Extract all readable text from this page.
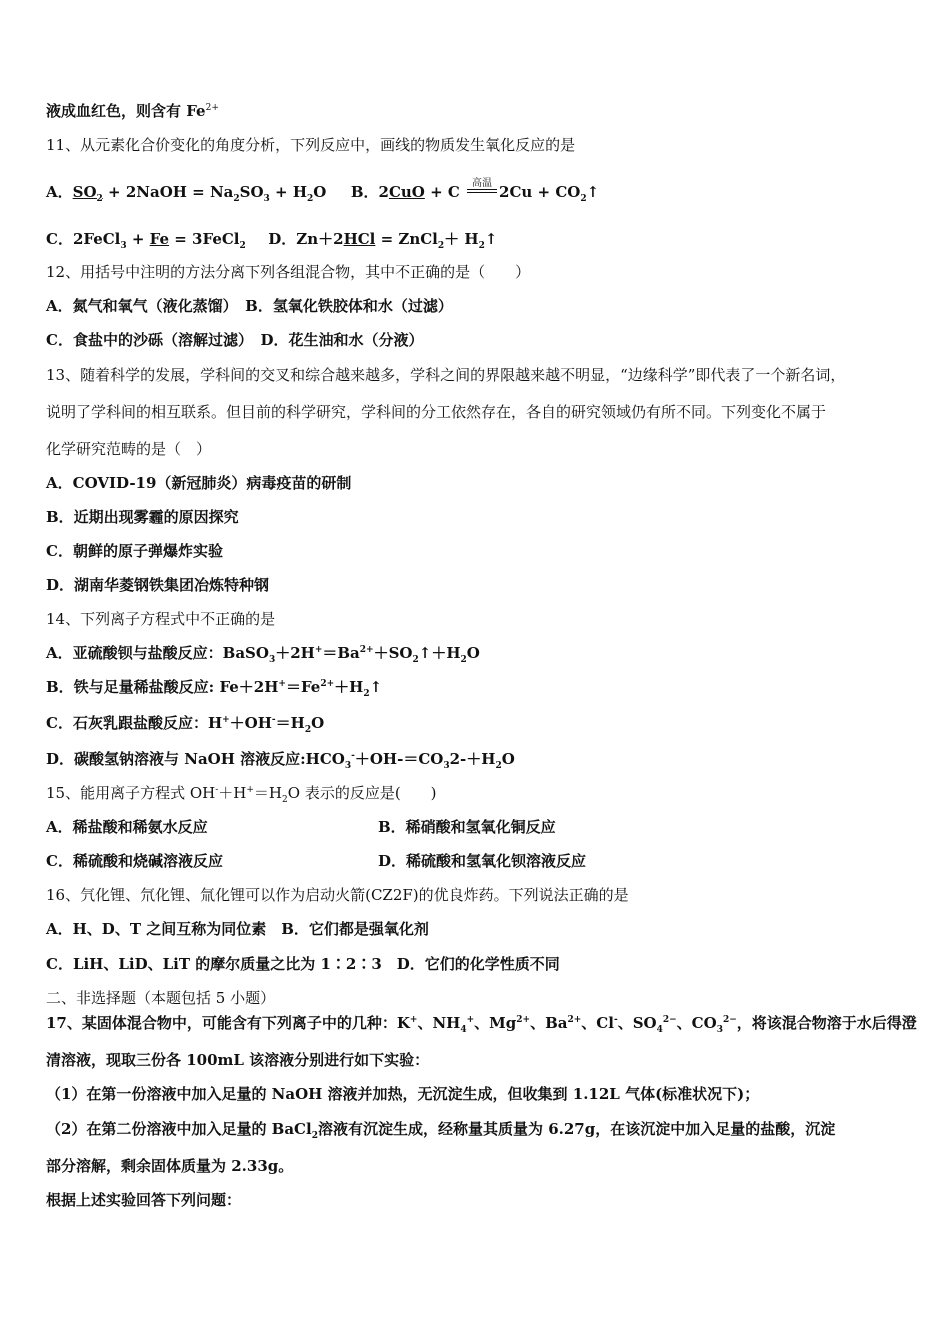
液成血红色，则含有 $Fe^{2+}$
11、从元素化合价变化的角度分析，下列反应中，画线的物质发生氧化反应的是
A．$SO_2$ + 2NaOH = $Na_2SO_3 + H_2O$ B．2CuO + C	高温 $2Cu + CO_2↑$
C．2FeCl$_3$ + Fe = 3FeCl$_2$ D．Zn＋2HCl = ZnCl$_2$＋ $H_2↑$
12、用括号中注明的方法分离下列各组混合物，其中不正确的是（　　）
A．氮气和氧气（液化蒸馏）　B．氢氧化铁胶体和水（过滤）
C．食盐中的沙砾（溶解过滤）　D．花生油和水（分液）
13、随着科学的发展，学科间的交叉和综合越来越多，学科之间的界限越来越不明显，“边缘科学”即代表了一个新名词，
说明了学科间的相互联系。但目前的科学研究，学科间的分工依然存在，各自的研究领域仍有所不同。下列变化不属于
化学研究范畴的是（　）
A．COVID-19（新冠肺炎）病毒疫苗的研制
B．近期出现雾霾的原因探究
C．朝鲜的原子弹爆炸实验
D．湖南华菱钢铁集团冶炼特种钢
14、下列离子方程式中不正确的是
A．亚硫酸钡与盐酸反应：$BaSO_3+2H^+=Ba^{2+}+SO_2↑+H_2O$
B．铁与足量稀盐酸反应: $Fe+2H^+=Fe^{2+}+H_2↑$
C．石灰乳跟盐酸反应：$H^++OH^-=H_2O$
D．碳酸氢钠溶液与 NaOH 溶液反应$:HCO_3^-+OH-=CO_32-+H_2O$
15、能用离子方程式 $OH^-+H^+=H_2O$ 表示的反应是(　　)
A．稀盐酸和稀氨水反应	B．稀硝酸和氢氧化铜反应
C．稀硫酸和烧碱溶液反应	D．稀硫酸和氢氧化钡溶液反应
16、氕化锂、氘化锂、氚化锂可以作为启动火箭(CZ2F)的优良炸药。下列说法正确的是
A．H、D、T 之间互称为同位素　B．它们都是强氧化剂
C．LiH、LiD、LiT 的摩尔质量之比为 1∶2∶3　D．它们的化学性质不同
二、非选择题（本题包括 5 小题）
17、某固体混合物中，可能含有下列离子中的几种：K+、$NH_4^+$、$Mg^{2+}$、$Ba^{2+}$、Cl-、$SO_4^{2-}$、$CO_3^{2-}$，将该混合物溶于水后得澄
清溶液，现取三份各 100mL 该溶液分别进行如下实验：
（1）在第一份溶液中加入足量的 NaOH 溶液并加热，无沉淀生成，但收集到 1.12L 气体(标准状况下)；
（2）在第二份溶液中加入足量的 BaCl$_2$溶液有沉淀生成，经称量其质量为 6.27g，在该沉淀中加入足量的盐酸，沉淀
部分溶解，剩余固体质量为 2.33g。
根据上述实验回答下列问题：
